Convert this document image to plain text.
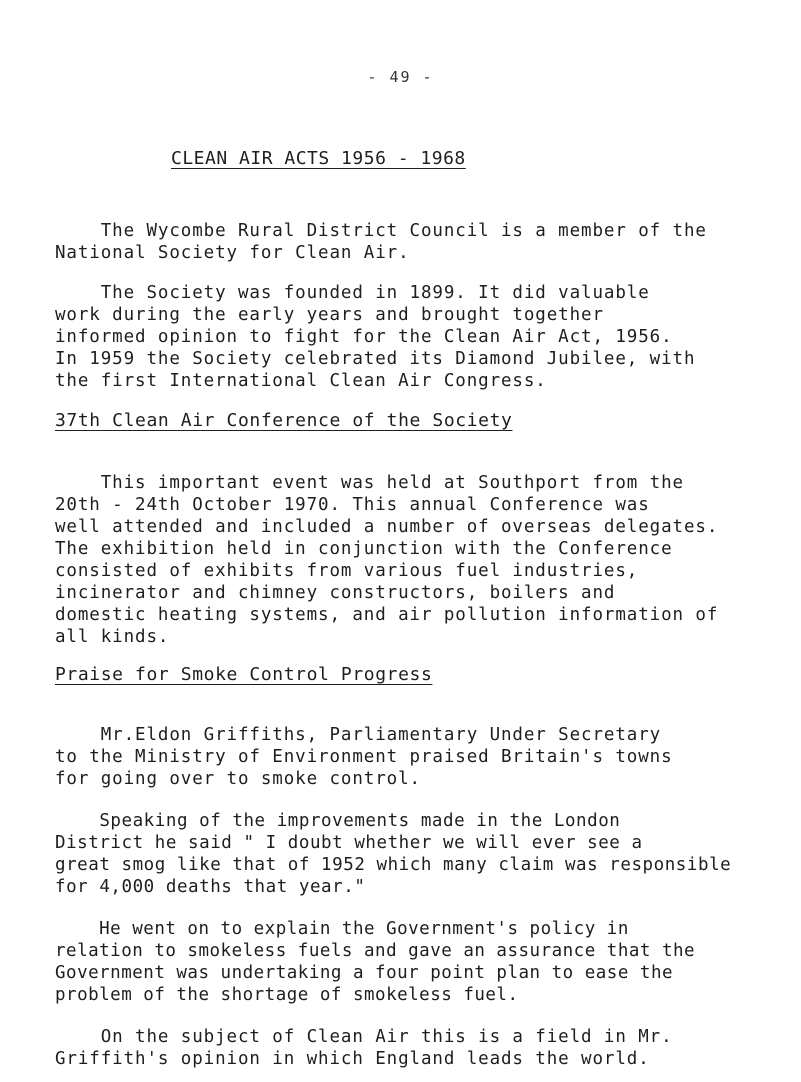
- 49 -
CLEAN AIR ACTS 1956 - 1968
The Wycombe Rural District Council is a member of the
National Society for Clean Air.
The Society was founded in 1899. It did valuable
work during the early years and brought together
informed opinion to fight for the Clean Air Act, 1956.
In 1959 the Society celebrated its Diamond Jubilee, with
the first International Clean Air Congress.
37th Clean Air Conference of the Society
This important event was held at Southport from the
20th - 24th October 1970. This annual Conference was
well attended and included a number of overseas delegates.
The exhibition held in conjunction with the Conference
consisted of exhibits from various fuel industries,
incinerator and chimney constructors, boilers and
domestic heating systems, and air pollution information of
all kinds.
Praise for Smoke Control Progress
Mr.Eldon Griffiths, Parliamentary Under Secretary
to the Ministry of Environment praised Britain's towns
for going over to smoke control.
Speaking of the improvements made in the London
District he said " I doubt whether we will ever see a
great smog like that of 1952 which many claim was responsible
for 4,000 deaths that year."
He went on to explain the Government's policy in
relation to smokeless fuels and gave an assurance that the
Government was undertaking a four point plan to ease the
problem of the shortage of smokeless fuel.
On the subject of Clean Air this is a field in Mr.
Griffith's opinion in which England leads the world.
